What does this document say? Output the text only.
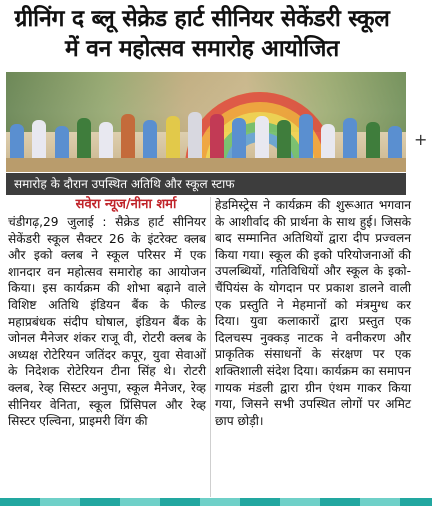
ग्रीनिंग द ब्लू सेक्रेड हार्ट सीनियर सेकेंडरी स्कूल में वन महोत्सव समारोह आयोजित
+
समारोह के दौरान उपस्थित अतिथि और स्कूल स्टाफ
सवेरा न्यूज/नीना शर्मा

चंडीगढ़,29 जुलाई : सैक्रेड हार्ट सीनियर सेकेंडरी स्कूल सैक्टर 26 के इंटरेक्ट क्लब और इको क्लब ने स्कूल परिसर में एक शानदार वन महोत्सव समारोह का आयोजन किया। इस कार्यक्रम की शोभा बढ़ाने वाले विशिष्ट अतिथि इंडियन बैंक के फील्ड महाप्रबंधक संदीप घोषाल, इंडियन बैंक के जोनल मैनेजर शंकर राजू वी, रोटरी क्लब के अध्यक्ष रोटेरियन जतिंदर कपूर, युवा सेवाओं के निदेशक रोटेरियन टीना सिंह थे। रोटरी क्लब, रेव्ह सिस्टर अनुपा, स्कूल मैनेजर, रेव्ह सीनियर वेनिता, स्कूल प्रिंसिपल और रेव्ह सिस्टर एल्विना, प्राइमरी विंग की

हेडमिस्ट्रेस ने कार्यक्रम की शुरूआत भगवान के आशीर्वाद की प्रार्थना के साथ हुई। जिसके बाद सम्मानित अतिथियों द्वारा दीप प्रज्वलन किया गया। स्कूल की इको परियोजनाओं की उपलब्धियों, गतिविधियों और स्कूल के इको-चैंपियंस के योगदान पर प्रकाश डालने वाली एक प्रस्तुति ने मेहमानों को मंत्रमुग्ध कर दिया। युवा कलाकारों द्वारा प्रस्तुत एक दिलचस्प नुक्कड़ नाटक ने वनीकरण और प्राकृतिक संसाधनों के संरक्षण पर एक शक्तिशाली संदेश दिया। कार्यक्रम का समापन गायक मंडली द्वारा ग्रीन एंथम गाकर किया गया, जिसने सभी उपस्थित लोगों पर अमिट छाप छोड़ी।
